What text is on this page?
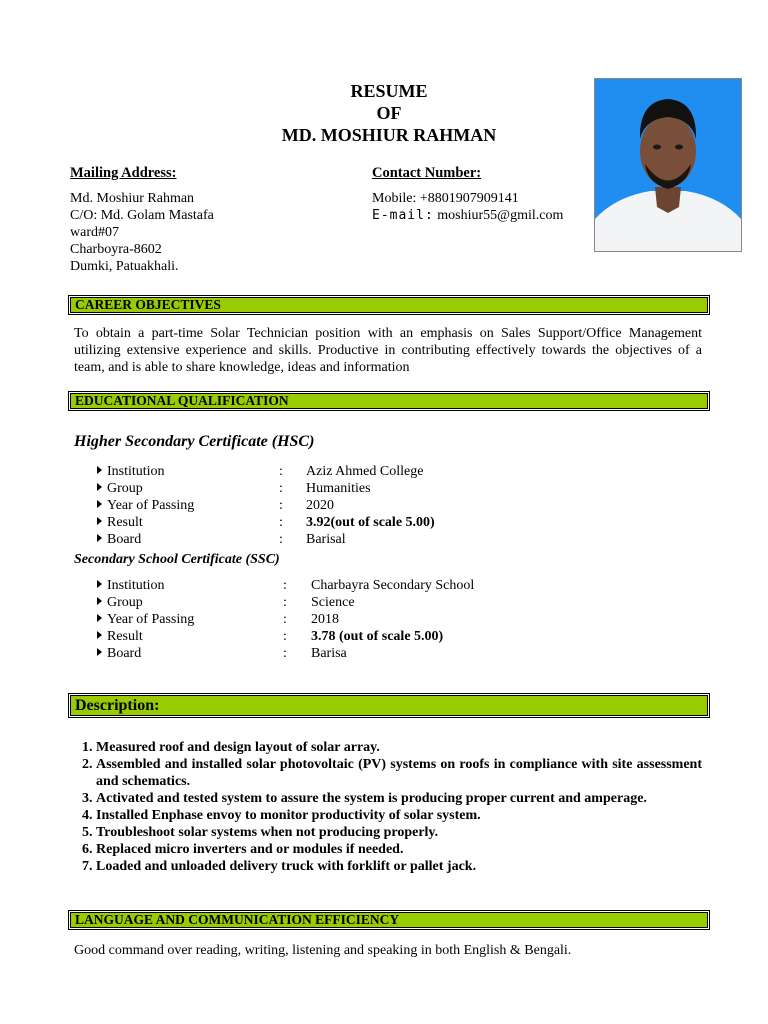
RESUME
OF
MD. MOSHIUR RAHMAN
Mailing Address:
Md. Moshiur Rahman
C/O: Md. Golam Mastafa
ward#07
Charboyra-8602
Dumki, Patuakhali.
Contact Number:
Mobile: +8801907909141
E-mail: moshiur55@gmil.com
CAREER OBJECTIVES
To obtain a part-time Solar Technician position with an emphasis on Sales Support/Office Management utilizing extensive experience and skills. Productive in contributing effectively towards the objectives of a team, and is able to share knowledge, ideas and information
EDUCATIONAL QUALIFICATION
Higher Secondary Certificate (HSC)
Institution	: Aziz Ahmed College
Group	: Humanities
Year of Passing	: 2020
Result	: 3.92(out of scale 5.00)
Board	: Barisal
Secondary School Certificate (SSC)
Institution	: Charbayra Secondary School
Group	: Science
Year of Passing	: 2018
Result	: 3.78 (out of scale 5.00)
Board	: Barisa
Description:
1. Measured roof and design layout of solar array.
2. Assembled and installed solar photovoltaic (PV) systems on roofs in compliance with site assessment and schematics.
3. Activated and tested system to assure the system is producing proper current and amperage.
4. Installed Enphase envoy to monitor productivity of solar system.
5. Troubleshoot solar systems when not producing properly.
6. Replaced micro inverters and or modules if needed.
7. Loaded and unloaded delivery truck with forklift or pallet jack.
LANGUAGE AND COMMUNICATION EFFICIENCY
Good command over reading, writing, listening and speaking in both English & Bengali.
